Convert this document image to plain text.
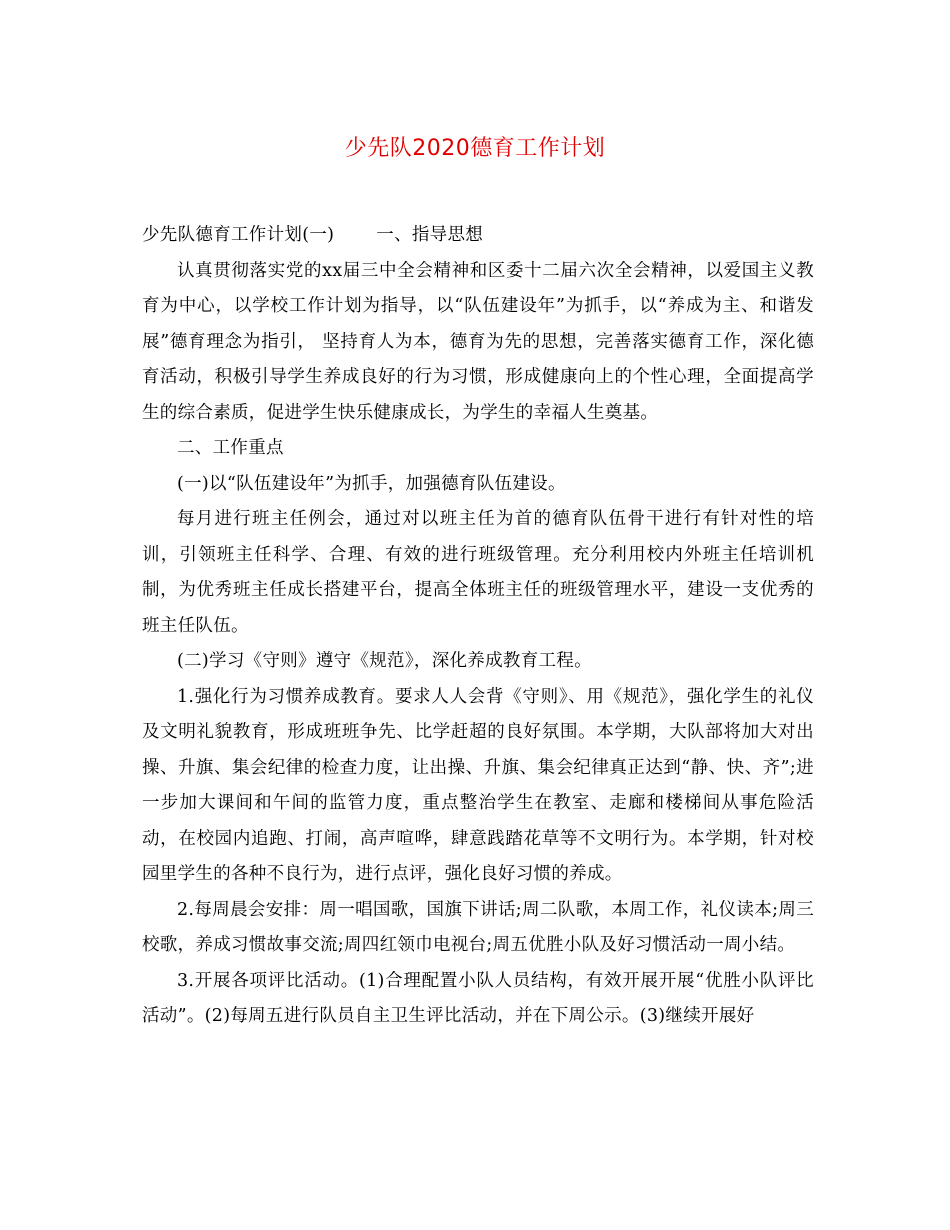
少先队2020德育工作计划

少先队德育工作计划(一) 一、指导思想

认真贯彻落实党的xx届三中全会精神和区委十二届六次全会精神，以爱国主义教育为中心，以学校工作计划为指导，以“队伍建设年”为抓手，以“养成为主、和谐发展”德育理念为指引， 坚持育人为本，德育为先的思想，完善落实德育工作，深化德育活动，积极引导学生养成良好的行为习惯，形成健康向上的个性心理，全面提高学生的综合素质，促进学生快乐健康成长，为学生的幸福人生奠基。

二、工作重点

(一)以“队伍建设年”为抓手，加强德育队伍建设。

每月进行班主任例会，通过对以班主任为首的德育队伍骨干进行有针对性的培训，引领班主任科学、合理、有效的进行班级管理。充分利用校内外班主任培训机制，为优秀班主任成长搭建平台，提高全体班主任的班级管理水平，建设一支优秀的班主任队伍。

(二)学习《守则》遵守《规范》，深化养成教育工程。

1.强化行为习惯养成教育。要求人人会背《守则》、用《规范》，强化学生的礼仪及文明礼貌教育，形成班班争先、比学赶超的良好氛围。本学期，大队部将加大对出操、升旗、集会纪律的检查力度，让出操、升旗、集会纪律真正达到“静、快、齐”;进一步加大课间和午间的监管力度，重点整治学生在教室、走廊和楼梯间从事危险活动，在校园内追跑、打闹，高声喧哗，肆意践踏花草等不文明行为。本学期，针对校园里学生的各种不良行为，进行点评，强化良好习惯的养成。

2.每周晨会安排：周一唱国歌，国旗下讲话;周二队歌，本周工作，礼仪读本;周三校歌，养成习惯故事交流;周四红领巾电视台;周五优胜小队及好习惯活动一周小结。

3.开展各项评比活动。(1)合理配置小队人员结构，有效开展开展“优胜小队评比活动”。(2)每周五进行队员自主卫生评比活动，并在下周公示。(3)继续开展好
